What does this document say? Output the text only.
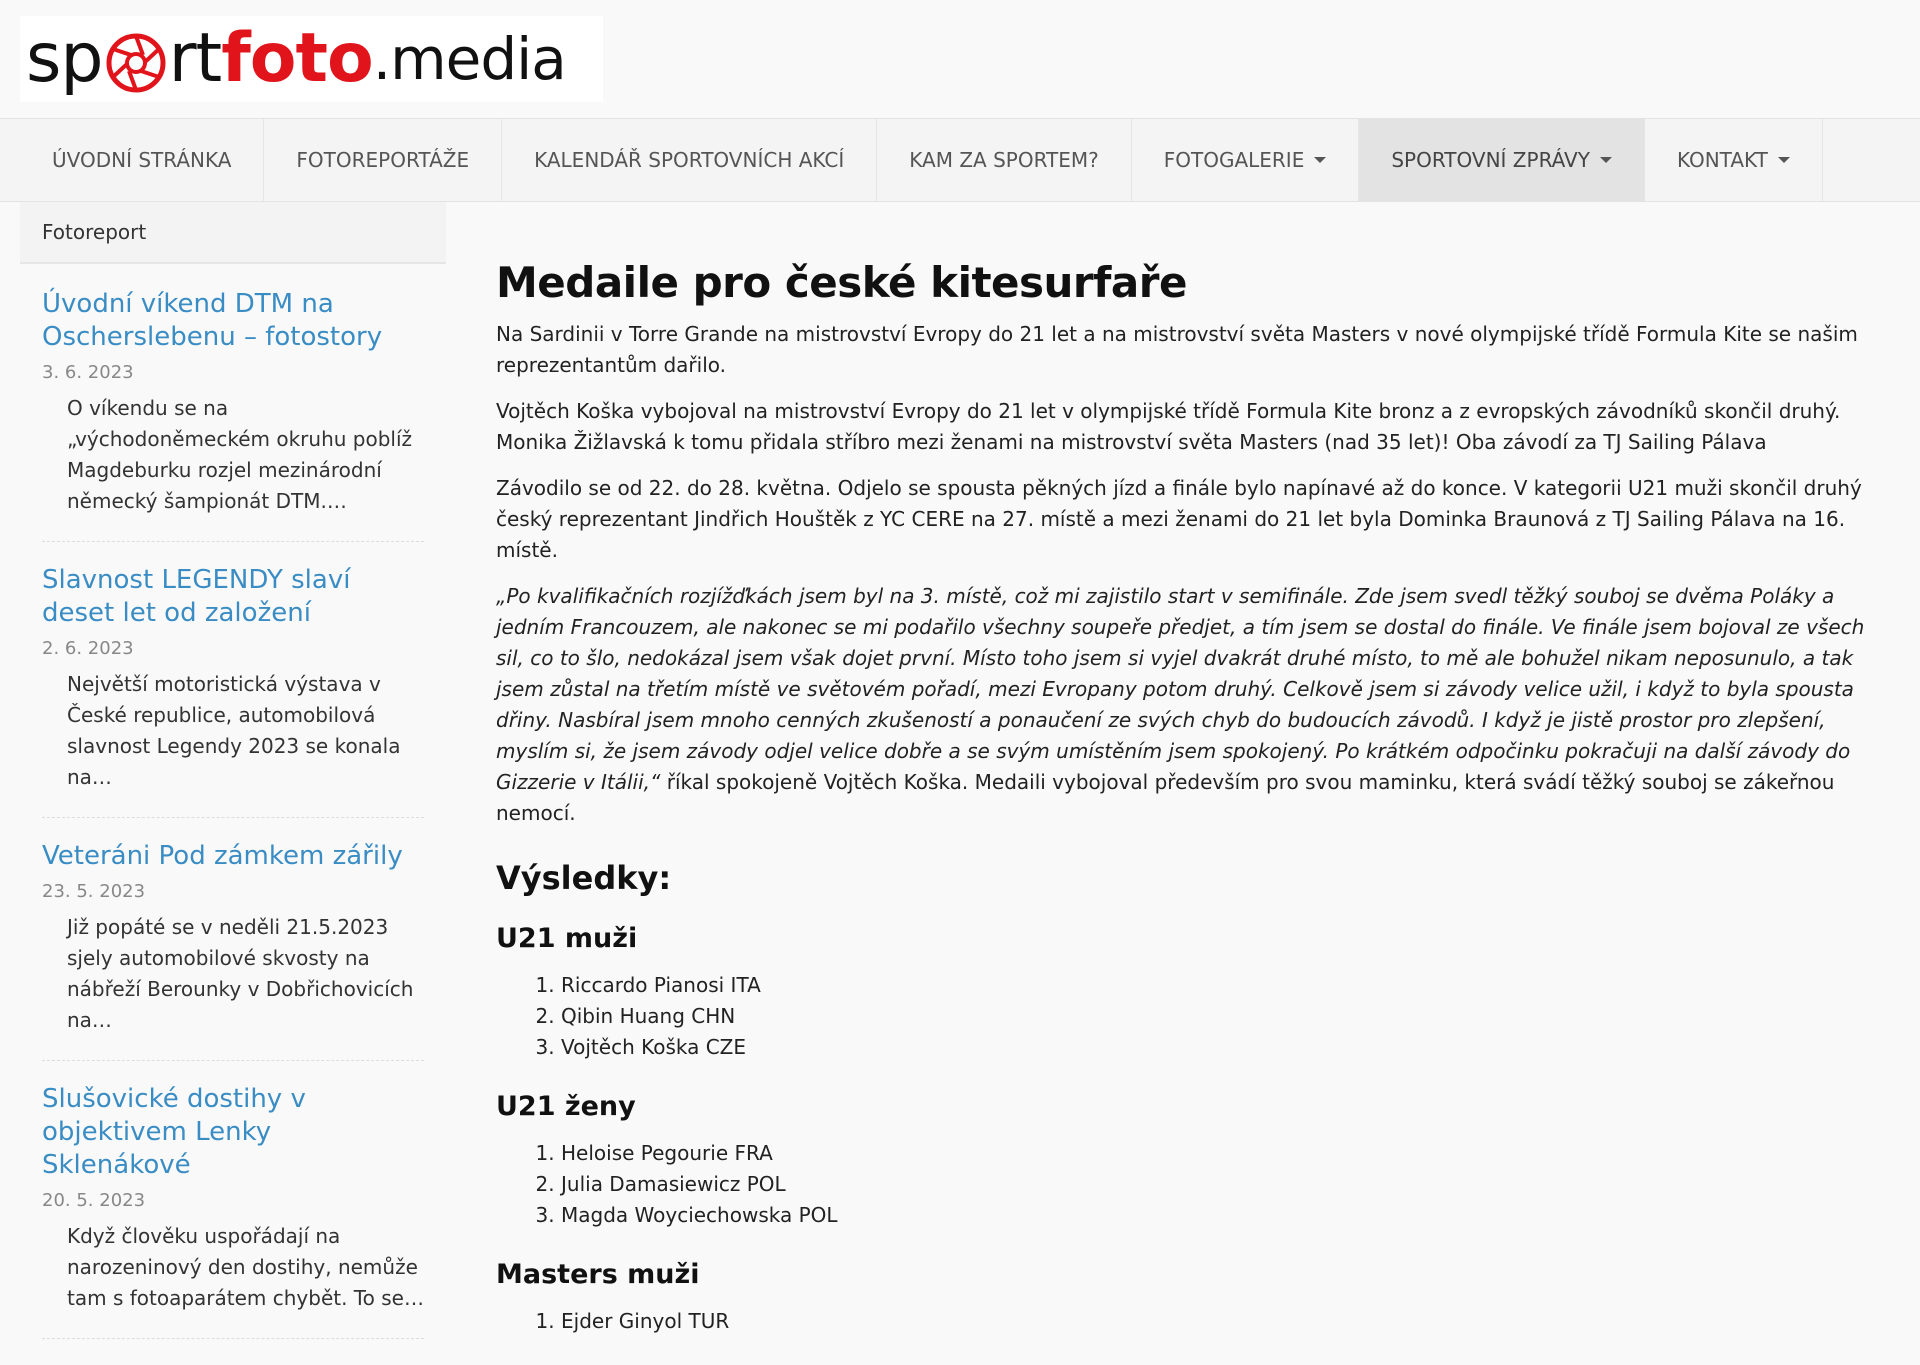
sp rt foto .media
ÚVODNÍ STRÁNKA	FOTOREPORTÁŽE	KALENDÁŘ SPORTOVNÍCH AKCÍ	KAM ZA SPORTEM?	FOTOGALERIE	SPORTOVNÍ ZPRÁVY	KONTAKT
Fotoreport
Úvodní víkend DTM na Oscherslebenu – fotostory
3. 6. 2023
O víkendu se na „východoněmeckém okruhu poblíž Magdeburku rozjel mezinárodní německý šampionát DTM.…
Slavnost LEGENDY slaví deset let od založení
2. 6. 2023
Největší motoristická výstava v České republice, automobilová slavnost Legendy 2023 se konala na…
Veteráni Pod zámkem zářily
23. 5. 2023
Již popáté se v neděli 21.5.2023 sjely automobilové skvosty na nábřeží Berounky v Dobřichovicích na…
Slušovické dostihy v objektivem Lenky Sklenákové
20. 5. 2023
Když člověku uspořádají na narozeninový den dostihy, nemůže tam s fotoaparátem chybět. To se…
Medaile pro české kitesurfaře

Na Sardinii v Torre Grande na mistrovství Evropy do 21 let a na mistrovství světa Masters v nové olympijské třídě Formula Kite se našim reprezentantům dařilo.

Vojtěch Koška vybojoval na mistrovství Evropy do 21 let v olympijské třídě Formula Kite bronz a z evropských závodníků skončil druhý. Monika Žižlavská k tomu přidala stříbro mezi ženami na mistrovství světa Masters (nad 35 let)! Oba závodí za TJ Sailing Pálava

Závodilo se od 22. do 28. května. Odjelo se spousta pěkných jízd a finále bylo napínavé až do konce. V kategorii U21 muži skončil druhý český reprezentant Jindřich Houštěk z YC CERE na 27. místě a mezi ženami do 21 let byla Dominka Braunová z TJ Sailing Pálava na 16. místě.

„Po kvalifikačních rozjížďkách jsem byl na 3. místě, což mi zajistilo start v semifinále. Zde jsem svedl těžký souboj se dvěma Poláky a jedním Francouzem, ale nakonec se mi podařilo všechny soupeře předjet, a tím jsem se dostal do finále. Ve finále jsem bojoval ze všech sil, co to šlo, nedokázal jsem však dojet první. Místo toho jsem si vyjel dvakrát druhé místo, to mě ale bohužel nikam neposunulo, a tak jsem zůstal na třetím místě ve světovém pořadí, mezi Evropany potom druhý. Celkově jsem si závody velice užil, i když to byla spousta dřiny. Nasbíral jsem mnoho cenných zkušeností a ponaučení ze svých chyb do budoucích závodů. I když je jistě prostor pro zlepšení, myslím si, že jsem závody odjel velice dobře a se svým umístěním jsem spokojený. Po krátkém odpočinku pokračuji na další závody do Gizzerie v Itálii,“ říkal spokojeně Vojtěch Koška. Medaili vybojoval především pro svou maminku, která svádí těžký souboj se zákeřnou nemocí.

Výsledky:
U21 muži
1. Riccardo Pianosi ITA
2. Qibin Huang CHN
3. Vojtěch Koška CZE
U21 ženy
1. Heloise Pegourie FRA
2. Julia Damasiewicz POL
3. Magda Woyciechowska POL
Masters muži
1. Ejder Ginyol TUR
